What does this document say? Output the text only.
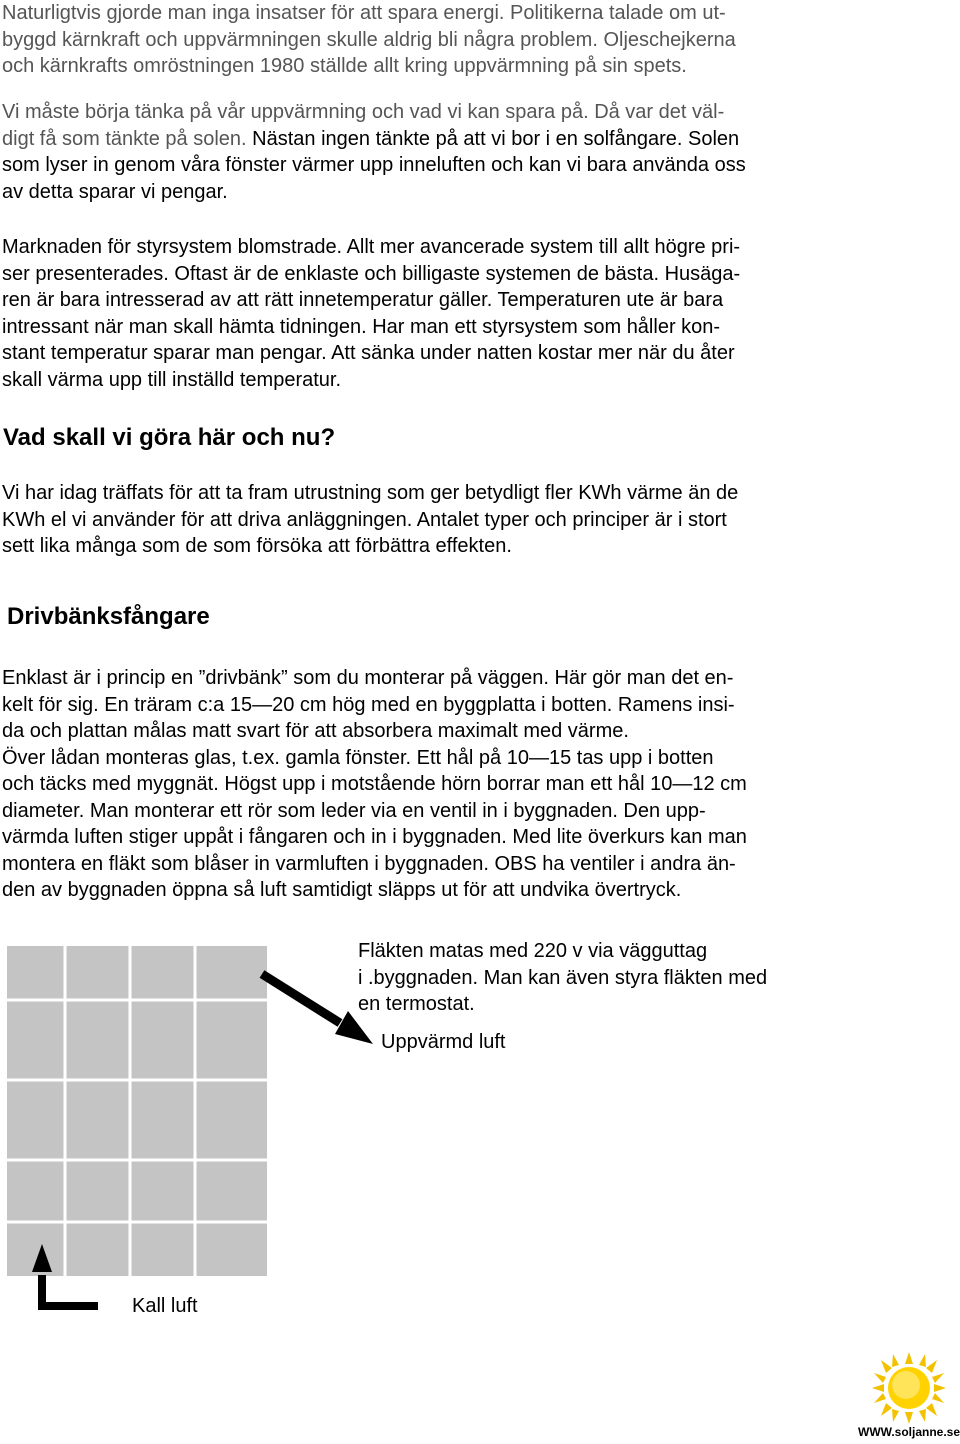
Naturligtvis gjorde man inga insatser för att spara energi. Politikerna talade om ut-
byggd kärnkraft och uppvärmningen skulle aldrig bli några problem. Oljeschejkerna
och kärnkrafts omröstningen 1980 ställde allt kring uppvärmning på sin spets.
Vi måste börja tänka på vår uppvärmning och vad vi kan spara på. Då var det väl-
digt få som tänkte på solen. Nästan ingen tänkte på att vi bor i en solfångare. Solen
som lyser in genom våra fönster värmer upp inneluften och kan vi bara använda oss
av detta sparar vi pengar.
Marknaden för styrsystem blomstrade. Allt mer avancerade system till allt högre pri-
ser presenterades. Oftast är de enklaste och billigaste systemen de bästa. Husäga-
ren är bara intresserad av att rätt innetemperatur gäller. Temperaturen ute är bara
intressant när man skall hämta tidningen. Har man ett styrsystem som håller kon-
stant temperatur sparar man pengar. Att sänka under natten kostar mer när du åter
skall värma upp till inställd temperatur.
Vad skall vi göra här och nu?
Vi har idag träffats för att ta fram utrustning som ger betydligt fler KWh värme än de
KWh el vi använder för att driva anläggningen. Antalet typer och principer är i stort
sett lika många som de som försöka att förbättra effekten.
Drivbänksfångare
Enklast är i princip en ”drivbänk” som du monterar på väggen. Här gör man det en-
kelt för sig. En träram c:a 15—20 cm hög med en byggplatta i botten. Ramens insi-
da och plattan målas matt svart för att absorbera maximalt med värme.
Över lådan monteras glas, t.ex. gamla fönster. Ett hål på 10—15 tas upp i botten
och täcks med myggnät. Högst upp i motstående hörn borrar man ett hål 10—12 cm
diameter. Man monterar ett rör som leder via en ventil in i byggnaden. Den upp-
värmda luften stiger uppåt i fångaren och in i byggnaden. Med lite överkurs kan man
montera en fläkt som blåser in varmluften i byggnaden. OBS ha ventiler i andra än-
den av byggnaden öppna så luft samtidigt släpps ut för att undvika övertryck.
Fläkten matas med 220 v via vägguttag
i .byggnaden. Man kan även styra fläkten med
en termostat.
Uppvärmd luft
Kall luft
WWW.soljanne.se
